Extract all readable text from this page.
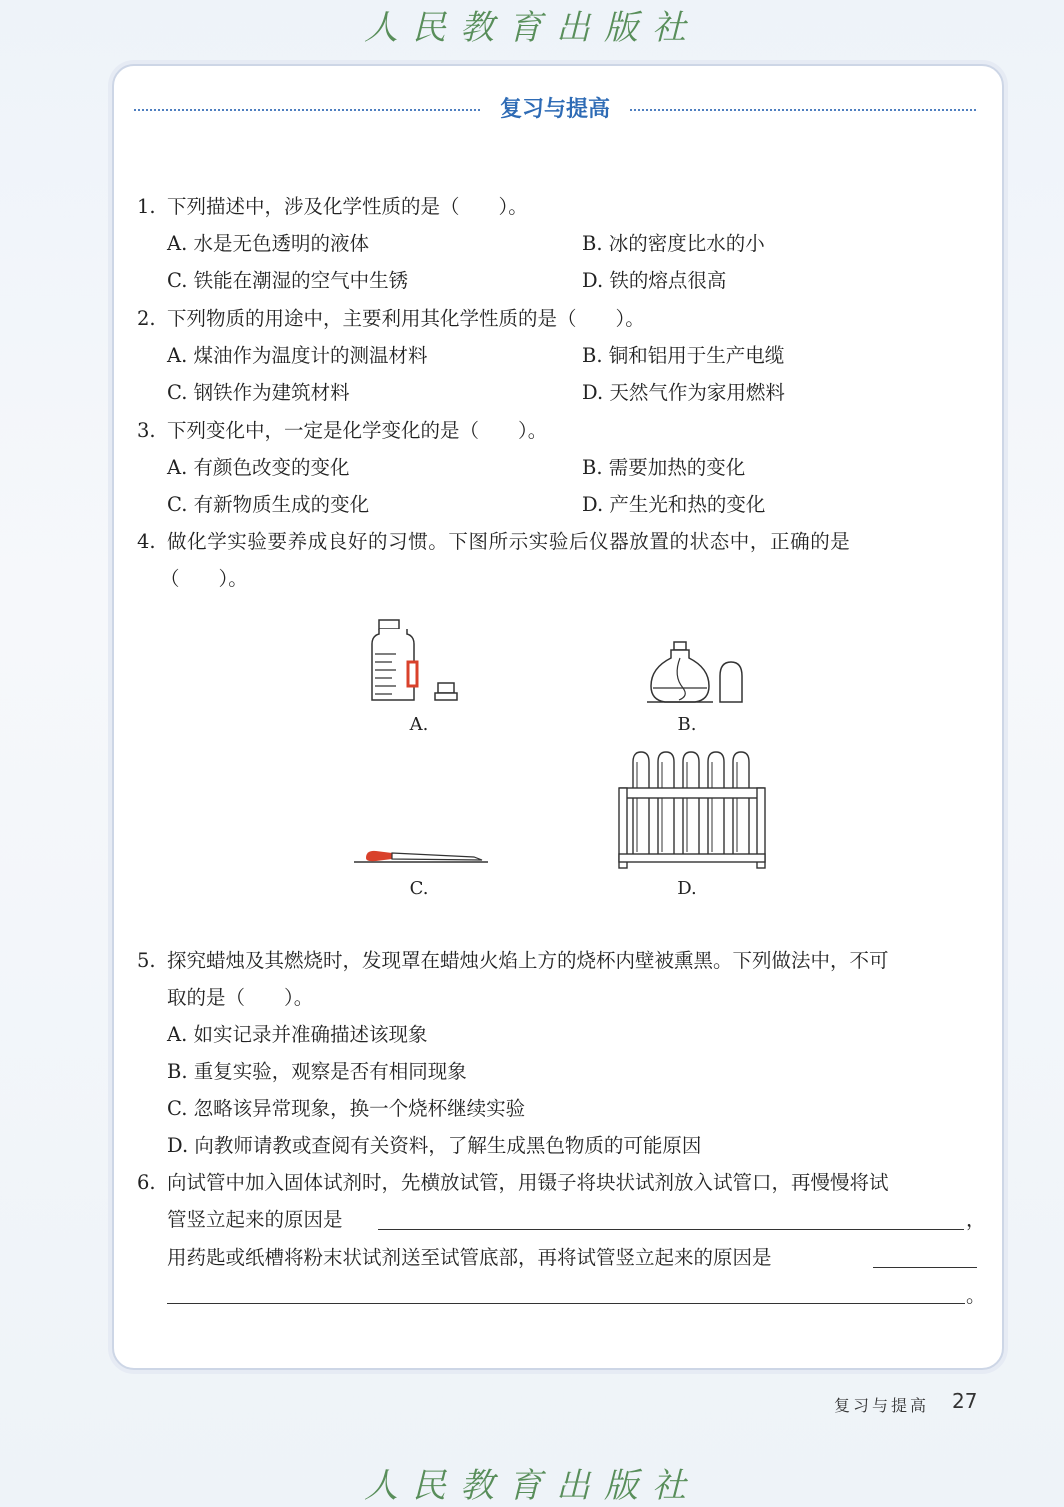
人民教育出版社
复习与提高
1. 下列描述中，涉及化学性质的是（　　）。
A. 水是无色透明的液体	B. 冰的密度比水的小
C. 铁能在潮湿的空气中生锈	D. 铁的熔点很高
2. 下列物质的用途中，主要利用其化学性质的是（　　）。
A. 煤油作为温度计的测温材料	B. 铜和铝用于生产电缆
C. 钢铁作为建筑材料	D. 天然气作为家用燃料
3. 下列变化中，一定是化学变化的是（　　）。
A. 有颜色改变的变化	B. 需要加热的变化
C. 有新物质生成的变化	D. 产生光和热的变化
4. 做化学实验要养成良好的习惯。下图所示实验后仪器放置的状态中，正确的是
（　　）。
A.	B.
C.	D.
5. 探究蜡烛及其燃烧时，发现罩在蜡烛火焰上方的烧杯内壁被熏黑。下列做法中，不可
取的是（　　）。
A. 如实记录并准确描述该现象
B. 重复实验，观察是否有相同现象
C. 忽略该异常现象，换一个烧杯继续实验
D. 向教师请教或查阅有关资料，了解生成黑色物质的可能原因
6. 向试管中加入固体试剂时，先横放试管，用镊子将块状试剂放入试管口，再慢慢将试
管竖立起来的原因是	，
用药匙或纸槽将粉末状试剂送至试管底部，再将试管竖立起来的原因是
。
复习与提高 27
人民教育出版社
